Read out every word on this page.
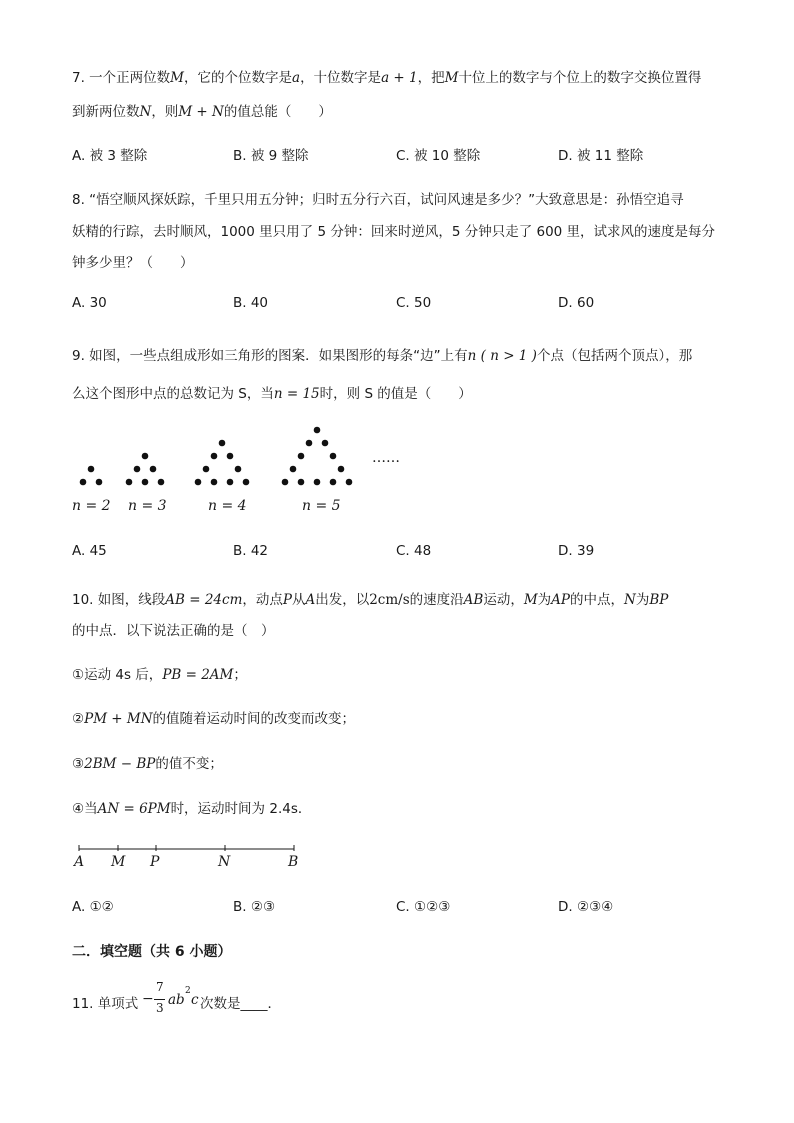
7. 一个正两位数M，它的个位数字是a，十位数字是a + 1，把M十位上的数字与个位上的数字交换位置得
到新两位数N，则M + N的值总能（　　）
A. 被 3 整除	B. 被 9 整除	C. 被 10 整除	D. 被 11 整除
8. “悟空顺风探妖踪，千里只用五分钟；归时五分行六百，试问风速是多少？”大致意思是：孙悟空追寻
妖精的行踪，去时顺风，1000 里只用了 5 分钟：回来时逆风，5 分钟只走了 600 里，试求风的速度是每分
钟多少里？（　　）
A. 30	B. 40	C. 50	D. 60
9. 如图，一些点组成形如三角形的图案．如果图形的每条“边”上有n ( n > 1 )个点（包括两个顶点），那
么这个图形中点的总数记为 S，当n = 15时，则 S 的值是（　　）
n = 2 n = 3	n = 4	n = 5
……
A. 45	B. 42	C. 48	D. 39
10. 如图，线段AB = 24cm，动点P从A出发，以2cm/s的速度沿AB运动，M为AP的中点，N为BP
的中点．以下说法正确的是（　）
①运动 4s 后，PB = 2AM；
②PM + MN的值随着运动时间的改变而改变；
③2BM − BP的值不变；
④当AN = 6PM时，运动时间为 2.4s．
A M P	N	B
A. ①②	B. ②③	C. ①②③	D. ②③④
二．填空题（共 6 小题）
11. 单项式 −
7
3 ab
2
c 次数是____．
